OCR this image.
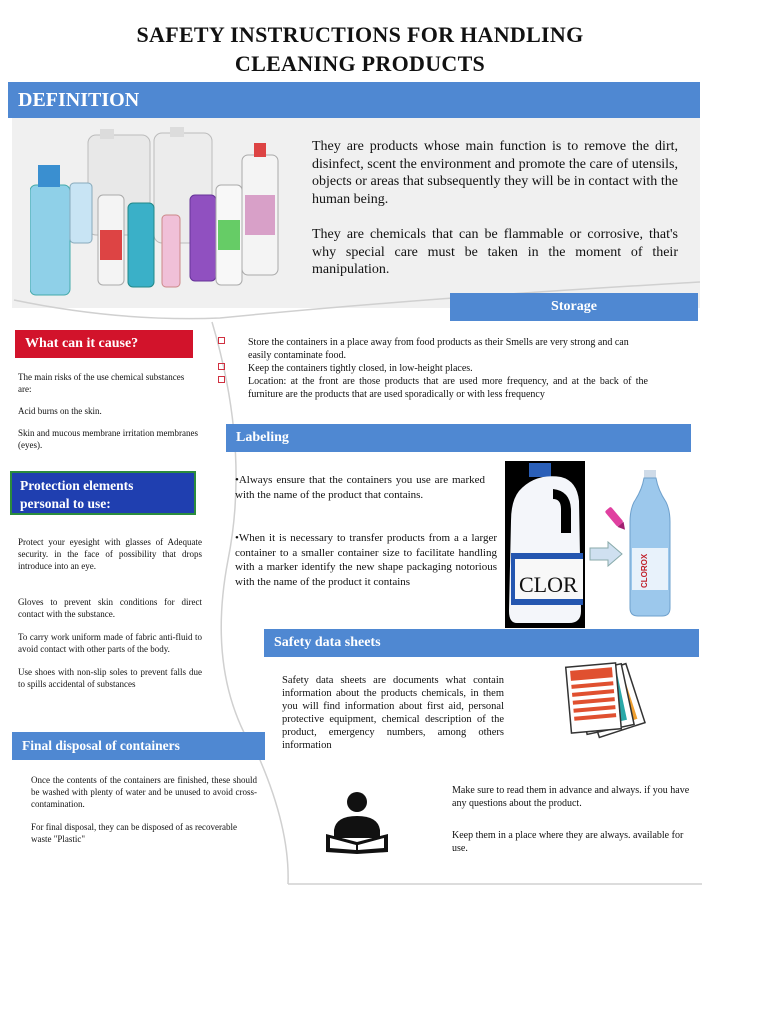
SAFETY INSTRUCTIONS FOR HANDLING
CLEANING PRODUCTS
DEFINITION
They are products whose main function is to remove the dirt, disinfect, scent the environment and promote the care of utensils, objects or areas that subsequently they will be in contact with the human being.
They are chemicals that can be flammable or corrosive, that's why special care must be taken in the moment of their manipulation.
Storage
Store the containers in a place away from food products as their Smells are very strong and can easily contaminate food.
Keep the containers tightly closed, in low-height places.
Location: at the front are those products that are used more frequency, and at the back of the furniture are the products that are used sporadically or with less frequency
What can it cause?
The main risks of the use chemical substances are:
Acid burns on the skin.
Skin and mucous membrane irritation membranes (eyes).
Protection elements
personal to use:
Protect your eyesight with glasses of Adequate security. in the face of possibility that drops introduce into an eye.
Gloves to prevent skin conditions for direct contact with the substance.
To carry work uniform made of fabric anti-fluid to avoid contact with other parts of the body.
Use shoes with non-slip soles to prevent falls due to spills accidental of substances
Labeling
•Always ensure that the containers you use are marked with the name of the product that contains.
•When it is necessary to transfer products from a a larger container to a smaller container size to facilitate handling with a marker identify the new shape packaging notorious with the name of the product it contains	CLOR	CLOROX
Safety data sheets
Safety data sheets are documents what contain information about the products chemicals, in them you will find information about first aid, personal protective equipment, chemical description of the product, emergency numbers, among others information
Make sure to read them in advance and always. if you have any questions about the product.
Keep them in a place where they are always. available for use.
Final disposal of containers
Once the contents of the containers are finished, these should be washed with plenty of water and be unused to avoid cross-contamination.
For final disposal, they can be disposed of as recoverable waste "Plastic"
